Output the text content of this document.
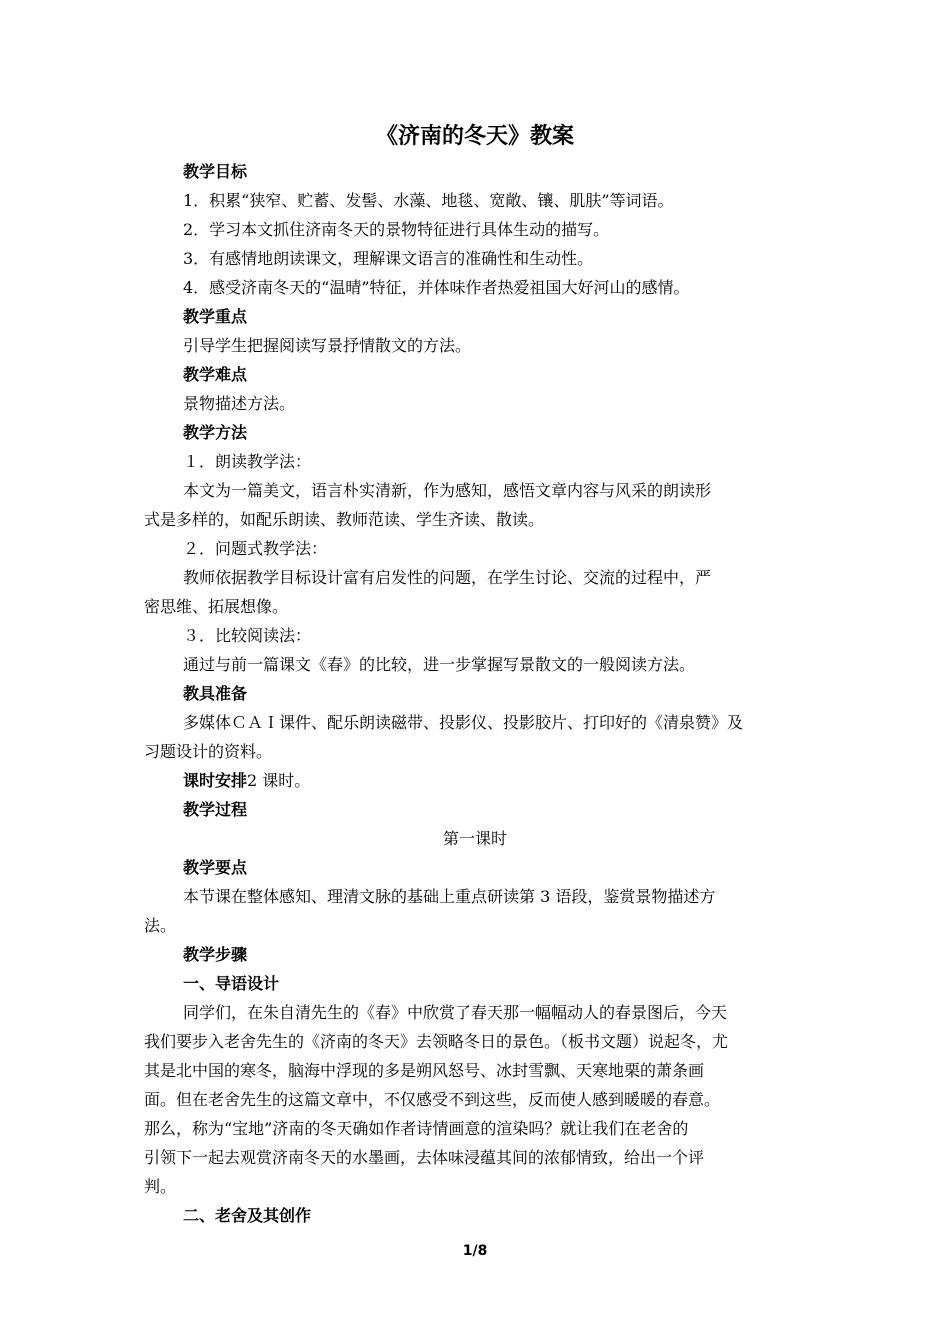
《济南的冬天》教案
教学目标
1．积累“狭窄、贮蓄、发髻、水藻、地毯、宽敞、镶、肌肤”等词语。
2．学习本文抓住济南冬天的景物特征进行具体生动的描写。
3．有感情地朗读课文，理解课文语言的准确性和生动性。
4．感受济南冬天的“温晴”特征，并体味作者热爱祖国大好河山的感情。
教学重点
引导学生把握阅读写景抒情散文的方法。
教学难点
景物描述方法。
教学方法
１．朗读教学法：
本文为一篇美文，语言朴实清新，作为感知，感悟文章内容与风采的朗读形
式是多样的，如配乐朗读、教师范读、学生齐读、散读。
２．问题式教学法：
教师依据教学目标设计富有启发性的问题，在学生讨论、交流的过程中，严
密思维、拓展想像。
３．比较阅读法：
通过与前一篇课文《春》的比较，进一步掌握写景散文的一般阅读方法。
教具准备
多媒体ＣＡＩ课件、配乐朗读磁带、投影仪、投影胶片、打印好的《清泉赞》及
习题设计的资料。
课时安排2 课时。
教学过程
第一课时
教学要点
本节课在整体感知、理清文脉的基础上重点研读第 3 语段，鉴赏景物描述方
法。
教学步骤
一、导语设计
同学们，在朱自清先生的《春》中欣赏了春天那一幅幅动人的春景图后，今天
我们要步入老舍先生的《济南的冬天》去领略冬日的景色。（板书文题）说起冬，尤
其是北中国的寒冬，脑海中浮现的多是朔风怒号、冰封雪飘、天寒地栗的萧条画
面。但在老舍先生的这篇文章中，不仅感受不到这些，反而使人感到暖暖的春意。
那么，称为“宝地”济南的冬天确如作者诗情画意的渲染吗？就让我们在老舍的
引领下一起去观赏济南冬天的水墨画，去体味浸蕴其间的浓郁情致，给出一个评
判。
二、老舍及其创作
1/8
